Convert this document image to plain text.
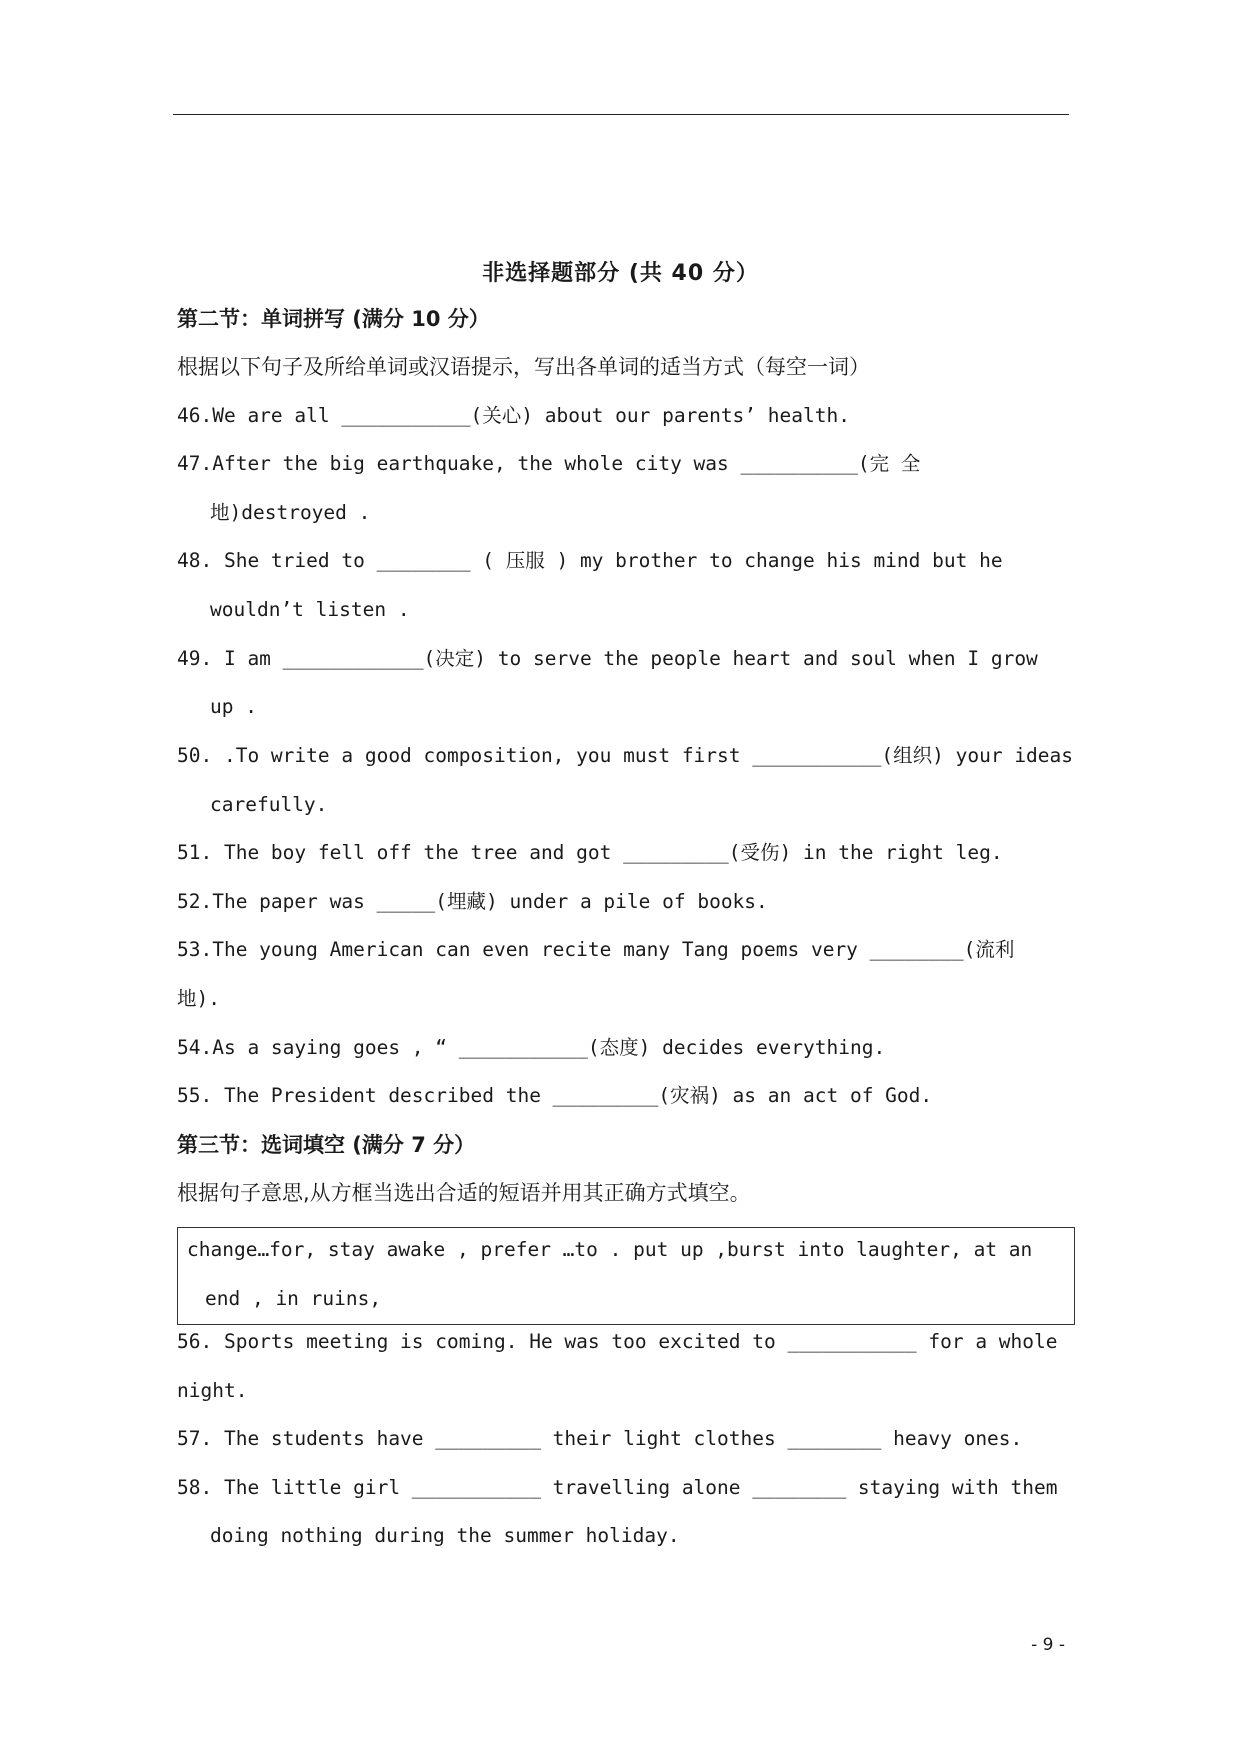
非选择题部分 (共 40 分）
第二节：单词拼写 (满分 10 分）
根据以下句子及所给单词或汉语提示，写出各单词的适当方式（每空一词）
46.We are all ___________(关心) about our parents’ health.
47.After the big earthquake, the whole city was __________(完 全
地)destroyed .
48. She tried to ________ ( 压服 ) my brother to change his mind but he
wouldn’t listen .
49. I am ____________(决定) to serve the people heart and soul when I grow
up .
50. .To write a good composition, you must first ___________(组织) your ideas
carefully.
51. The boy fell off the tree and got _________(受伤) in the right leg.
52.The paper was _____(埋藏) under a pile of books.
53.The young American can even recite many Tang poems very ________(流利
地).
54.As a saying goes , “ ___________(态度) decides everything.
55. The President described the _________(灾祸) as an act of God.
第三节：选词填空 (满分 7 分）
根据句子意思,从方框当选出合适的短语并用其正确方式填空。
change…for, stay awake , prefer …to . put up ,burst into laughter, at an
end , in ruins,
56. Sports meeting is coming. He was too excited to ___________ for a whole
night.
57. The students have _________ their light clothes ________ heavy ones.
58. The little girl ___________ travelling alone ________ staying with them
doing nothing during the summer holiday.
- 9 -
